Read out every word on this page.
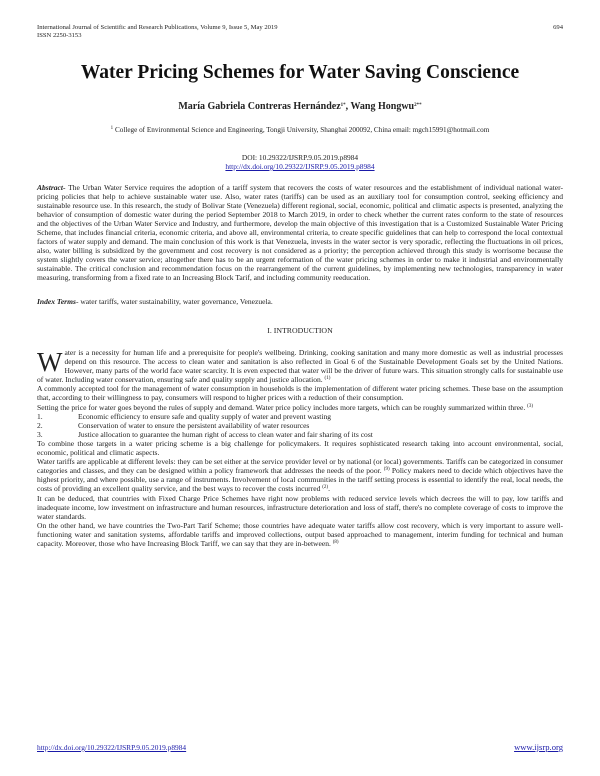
International Journal of Scientific and Research Publications, Volume 9, Issue 5, May 2019
ISSN 2250-3153
694
Water Pricing Schemes for Water Saving Conscience
María Gabriela Contreras Hernández$^{1*}$, Wang Hongwu$^{2**}$
$^1$ College of Environmental Science and Engineering, Tongji University, Shanghai 200092, China email: mgch15991@hotmail.com
DOI: 10.29322/IJSRP.9.05.2019.p8984
http://dx.doi.org/10.29322/IJSRP.9.05.2019.p8984
Abstract- The Urban Water Service requires the adoption of a tariff system that recovers the costs of water resources and the establishment of individual national water-pricing policies that help to achieve sustainable water use. Also, water rates (tariffs) can be used as an auxiliary tool for consumption control, seeking efficiency and sustainable resource use. In this research, the study of Bolivar State (Venezuela) different regional, social, economic, political and climatic aspects is presented, analyzing the behavior of consumption of domestic water during the period September 2018 to March 2019, in order to check whether the current rates conform to the state of resources and the objectives of the Urban Water Service and Industry, and furthermore, develop the main objective of this investigation that is a Customized Sustainable Water Pricing Scheme, that includes financial criteria, economic criteria, and above all, environmental criteria, to create specific guidelines that can help to correspond the local contextual factors of water supply and demand. The main conclusion of this work is that Venezuela, invests in the water sector is very sporadic, reflecting the fluctuations in oil prices, also, water billing is subsidized by the government and cost recovery is not considered as a priority; the perception achieved through this study is worrisome because the system slightly covers the water service; altogether there has to be an urgent reformation of the water pricing schemes in order to make it industrial and environmentally sustainable. The critical conclusion and recommendation focus on the rearrangement of the current guidelines, by implementing new technologies, transparency in water measuring, transforming from a fixed rate to an Increasing Block Tarif, and including community reeducation.
Index Terms- water tariffs, water sustainability, water governance, Venezuela.
I. INTRODUCTION

Water is a necessity for human life and a prerequisite for people's wellbeing. Drinking, cooking sanitation and many more domestic as well as industrial processes depend on this resource. The access to clean water and sanitation is also reflected in Goal 6 of the Sustainable Development Goals set by the United Nations. However, many parts of the world face water scarcity. It is even expected that water will be the driver of future wars. This situation strongly calls for sustainable use of water. Including water conservation, ensuring safe and quality supply and justice allocation. $^{(1)}$

A commonly accepted tool for the management of water consumption in households is the implementation of different water pricing schemes. These base on the assumption that, according to their willingness to pay, consumers will respond to higher prices with a reduction of their consumption.

Setting the price for water goes beyond the rules of supply and demand. Water price policy includes more targets, which can be roughly summarized within three. $^{(3)}$

1.	Economic efficiency to ensure safe and quality supply of water and prevent wasting
2.	Conservation of water to ensure the persistent availability of water resources
3.	Justice allocation to guarantee the human right of access to clean water and fair sharing of its cost

To combine those targets in a water pricing scheme is a big challenge for policymakers. It requires sophisticated research taking into account environmental, social, economic, political and climatic aspects.

Water tariffs are applicable at different levels: they can be set either at the service provider level or by national (or local) governments. Tariffs can be categorized in consumer categories and classes, and they can be designed within a policy framework that addresses the needs of the poor. $^{(9)}$ Policy makers need to decide which objectives have the highest priority, and where possible, use a range of instruments. Involvement of local communities in the tariff setting process is essential to identify the real, local needs, the costs of providing an excellent quality service, and the best ways to recover the costs incurred $^{(2)}$.

It can be deduced, that countries with Fixed Charge Price Schemes have right now problems with reduced service levels which decrees the will to pay, low tariffs and inadequate income, low investment on infrastructure and human resources, infrastructure deterioration and loss of staff, there's no complete coverage of costs to improve the water standards.

On the other hand, we have countries the Two-Part Tarif Scheme; those countries have adequate water tariffs allow cost recovery, which is very important to assure well-functioning water and sanitation systems, affordable tariffs and improved collections, output based approached to management, interim funding for technical and human capacity. Moreover, those who have Increasing Block Tariff, we can say that they are in-between. $^{(8)}$

http://dx.doi.org/10.29322/IJSRP.9.05.2019.p8984	www.ijsrp.org
